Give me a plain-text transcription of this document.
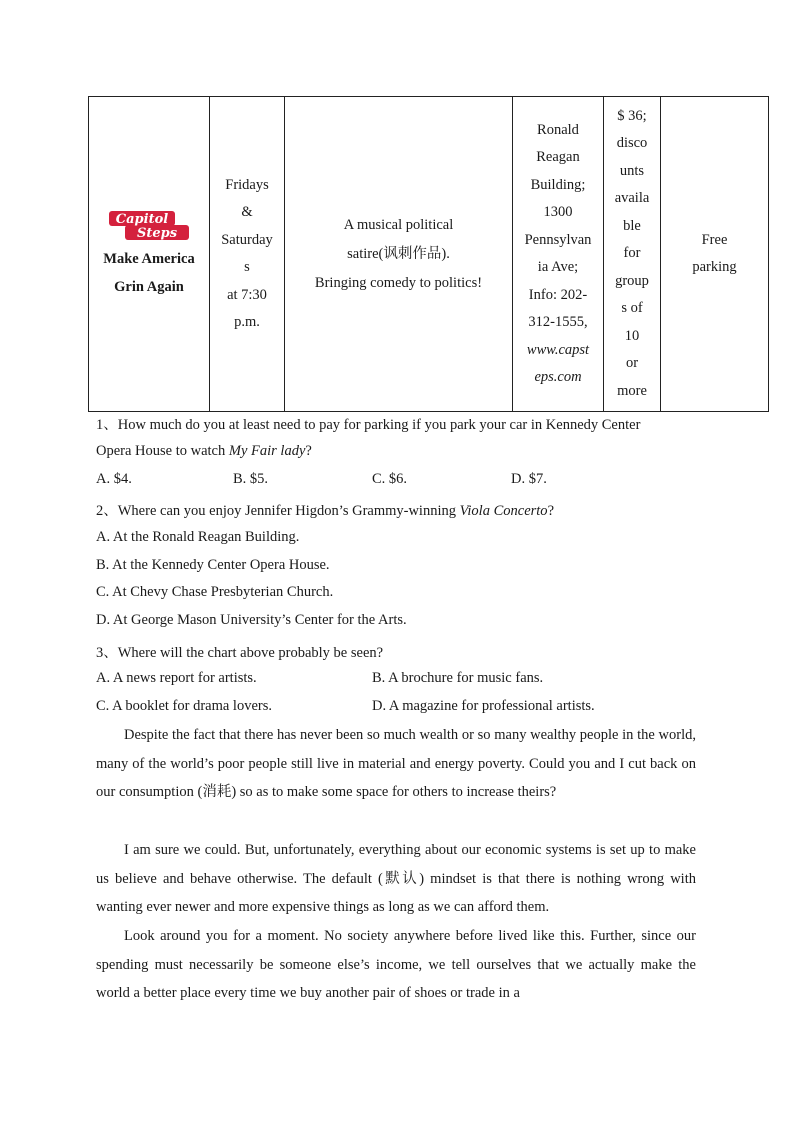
Capitol
Steps
Make America
Grin Again

Fridays
&
Saturday
s
at 7:30
p.m.

A musical political
satire(讽刺作品).
Bringing comedy to politics!

Ronald
Reagan
Building;
1300
Pennsylvan
ia Ave;
Info: 202-
312-1555,
www.capst
eps.com

$ 36;
disco
unts
availa
ble
for
group
s of
10
or
more

Free
parking
1、How much do you at least need to pay for parking if you park your car in Kennedy Center
Opera House to watch My Fair lady?
A. $4.	B. $5.	C. $6.	D. $7.
2、Where can you enjoy Jennifer Higdon’s Grammy-winning Viola Concerto?
A. At the Ronald Reagan Building.
B. At the Kennedy Center Opera House.
C. At Chevy Chase Presbyterian Church.
D. At George Mason University’s Center for the Arts.
3、Where will the chart above probably be seen?
A. A news report for artists.	B. A brochure for music fans.
C. A booklet for drama lovers.	D. A magazine for professional artists.

Despite the fact that there has never been so much wealth or so many wealthy people in the world, many of the world’s poor people still live in material and energy poverty. Could you and I cut back on our consumption (消耗) so as to make some space for others to increase theirs?

I am sure we could. But, unfortunately, everything about our economic systems is set up to make us believe and behave otherwise. The default (默认) mindset is that there is nothing wrong with wanting ever newer and more expensive things as long as we can afford them.

Look around you for a moment. No society anywhere before lived like this. Further, since our spending must necessarily be someone else’s income, we tell ourselves that we actually make the world a better place every time we buy another pair of shoes or trade in a
